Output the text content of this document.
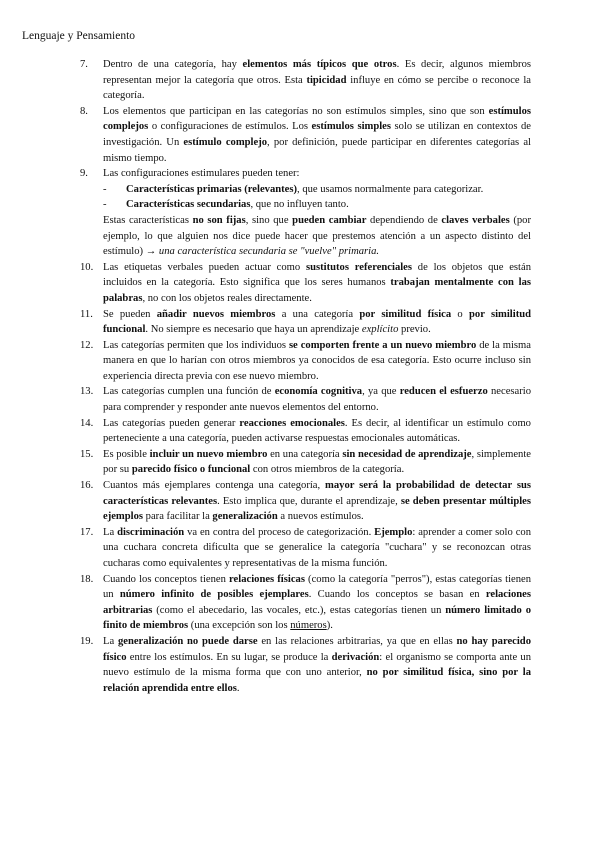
Lenguaje y Pensamiento
7. Dentro de una categoría, hay elementos más típicos que otros. Es decir, algunos miembros representan mejor la categoría que otros. Esta tipicidad influye en cómo se percibe o reconoce la categoría.
8. Los elementos que participan en las categorías no son estímulos simples, sino que son estímulos complejos o configuraciones de estímulos. Los estímulos simples solo se utilizan en contextos de investigación. Un estímulo complejo, por definición, puede participar en diferentes categorías al mismo tiempo.
9. Las configuraciones estimulares pueden tener:
- Características primarias (relevantes), que usamos normalmente para categorizar.
- Características secundarias, que no influyen tanto.
Estas características no son fijas, sino que pueden cambiar dependiendo de claves verbales (por ejemplo, lo que alguien nos dice puede hacer que prestemos atención a un aspecto distinto del estímulo) → una característica secundaria se "vuelve" primaria.
10. Las etiquetas verbales pueden actuar como sustitutos referenciales de los objetos que están incluidos en la categoría. Esto significa que los seres humanos trabajan mentalmente con las palabras, no con los objetos reales directamente.
11. Se pueden añadir nuevos miembros a una categoría por similitud física o por similitud funcional. No siempre es necesario que haya un aprendizaje explícito previo.
12. Las categorías permiten que los individuos se comporten frente a un nuevo miembro de la misma manera en que lo harían con otros miembros ya conocidos de esa categoría. Esto ocurre incluso sin experiencia directa previa con ese nuevo miembro.
13. Las categorías cumplen una función de economía cognitiva, ya que reducen el esfuerzo necesario para comprender y responder ante nuevos elementos del entorno.
14. Las categorías pueden generar reacciones emocionales. Es decir, al identificar un estímulo como perteneciente a una categoría, pueden activarse respuestas emocionales automáticas.
15. Es posible incluir un nuevo miembro en una categoría sin necesidad de aprendizaje, simplemente por su parecido físico o funcional con otros miembros de la categoría.
16. Cuantos más ejemplares contenga una categoría, mayor será la probabilidad de detectar sus características relevantes. Esto implica que, durante el aprendizaje, se deben presentar múltiples ejemplos para facilitar la generalización a nuevos estímulos.
17. La discriminación va en contra del proceso de categorización. Ejemplo: aprender a comer solo con una cuchara concreta dificulta que se generalice la categoría "cuchara" y se reconozcan otras cucharas como equivalentes y representativas de la misma función.
18. Cuando los conceptos tienen relaciones físicas (como la categoría "perros"), estas categorías tienen un número infinito de posibles ejemplares. Cuando los conceptos se basan en relaciones arbitrarias (como el abecedario, las vocales, etc.), estas categorías tienen un número limitado o finito de miembros (una excepción son los números).
19. La generalización no puede darse en las relaciones arbitrarias, ya que en ellas no hay parecido físico entre los estímulos. En su lugar, se produce la derivación: el organismo se comporta ante un nuevo estímulo de la misma forma que con uno anterior, no por similitud física, sino por la relación aprendida entre ellos.
